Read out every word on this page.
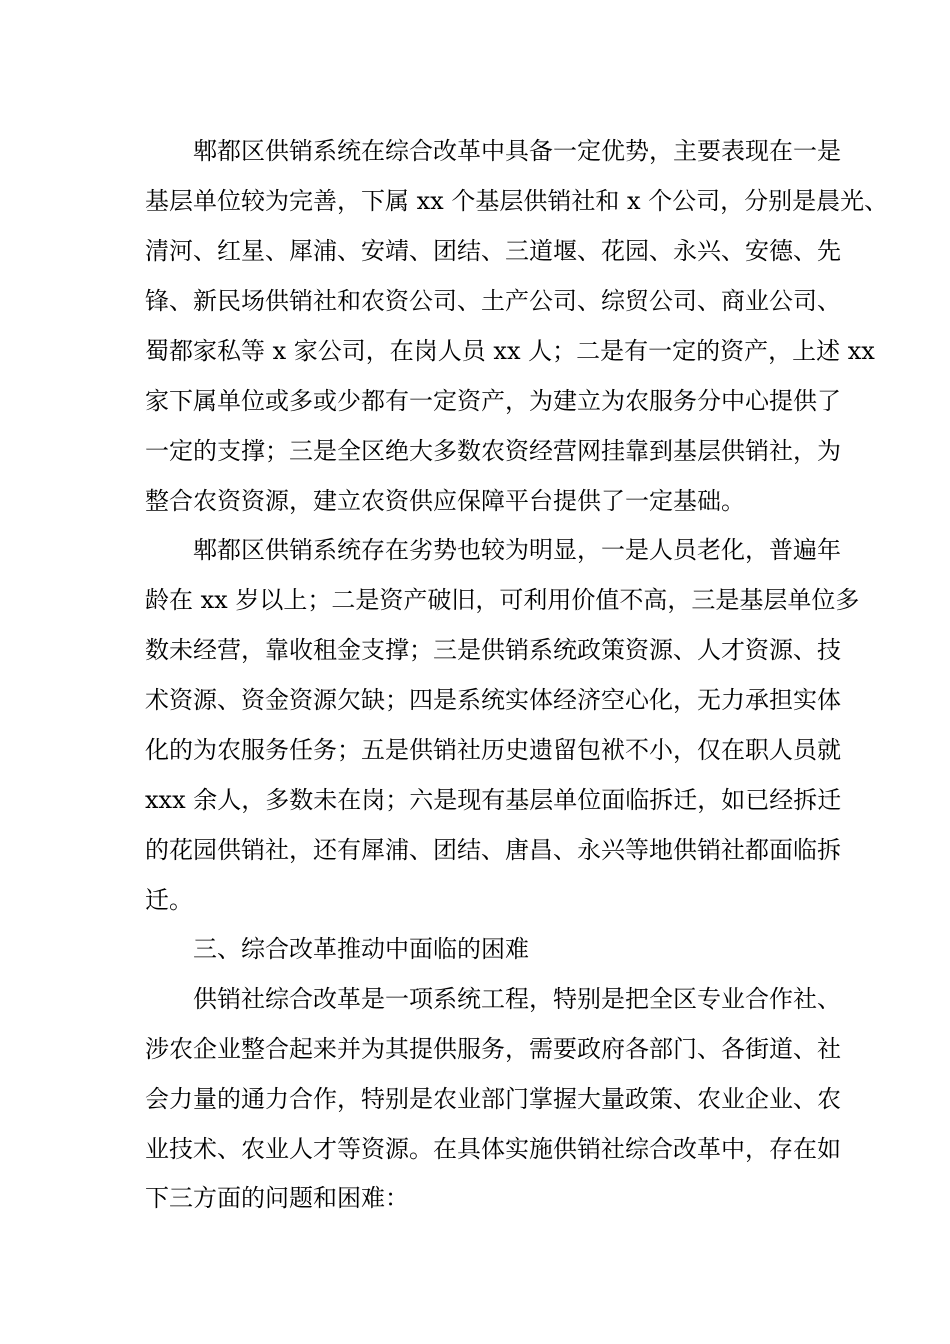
郫都区供销系统在综合改革中具备一定优势，主要表现在一是
基层单位较为完善，下属 xx 个基层供销社和 x 个公司，分别是晨光、
清河、红星、犀浦、安靖、团结、三道堰、花园、永兴、安德、先
锋、新民场供销社和农资公司、土产公司、综贸公司、商业公司、
蜀都家私等 x 家公司，在岗人员 xx 人；二是有一定的资产，上述 xx
家下属单位或多或少都有一定资产，为建立为农服务分中心提供了
一定的支撑；三是全区绝大多数农资经营网挂靠到基层供销社，为
整合农资资源，建立农资供应保障平台提供了一定基础。
郫都区供销系统存在劣势也较为明显，一是人员老化，普遍年
龄在 xx 岁以上；二是资产破旧，可利用价值不高，三是基层单位多
数未经营，靠收租金支撑；三是供销系统政策资源、人才资源、技
术资源、资金资源欠缺；四是系统实体经济空心化，无力承担实体
化的为农服务任务；五是供销社历史遗留包袱不小，仅在职人员就
xxx 余人，多数未在岗；六是现有基层单位面临拆迁，如已经拆迁
的花园供销社，还有犀浦、团结、唐昌、永兴等地供销社都面临拆
迁。
三、综合改革推动中面临的困难
供销社综合改革是一项系统工程，特别是把全区专业合作社、
涉农企业整合起来并为其提供服务，需要政府各部门、各街道、社
会力量的通力合作，特别是农业部门掌握大量政策、农业企业、农
业技术、农业人才等资源。在具体实施供销社综合改革中，存在如
下三方面的问题和困难：
